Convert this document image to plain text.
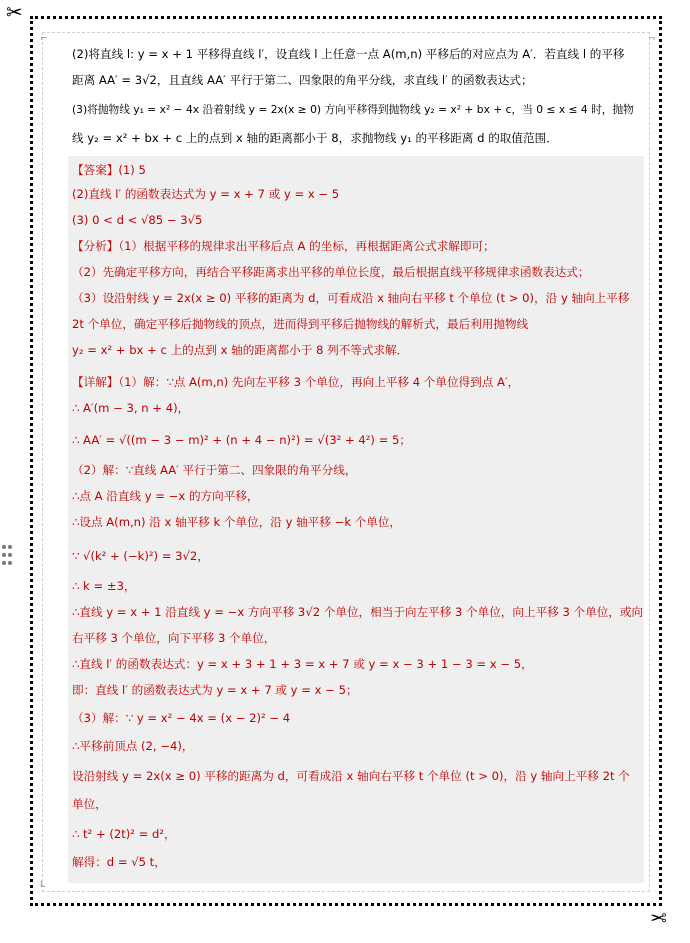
✂
✂
⌐	¬
L
(2)将直线 l: y = x + 1 平移得直线 l′，设直线 l 上任意一点 A(m,n) 平移后的对应点为 A′．若直线 l 的平移
距离 AA′ = 3√2，且直线 AA′ 平行于第二、四象限的角平分线，求直线 l′ 的函数表达式；
(3)将抛物线 y₁ = x² − 4x 沿着射线 y = 2x(x ≥ 0) 方向平移得到抛物线 y₂ = x² + bx + c，当 0 ≤ x ≤ 4 时，抛物
线 y₂ = x² + bx + c 上的点到 x 轴的距离都小于 8，求抛物线 y₁ 的平移距离 d 的取值范围．
【答案】(1) 5
(2)直线 l′ 的函数表达式为 y = x + 7 或 y = x − 5
(3) 0 < d < √85 − 3√5
【分析】（1）根据平移的规律求出平移后点 A 的坐标，再根据距离公式求解即可；
（2）先确定平移方向，再结合平移距离求出平移的单位长度，最后根据直线平移规律求函数表达式；
（3）设沿射线 y = 2x(x ≥ 0) 平移的距离为 d，可看成沿 x 轴向右平移 t 个单位 (t > 0)，沿 y 轴向上平移
2t 个单位，确定平移后抛物线的顶点，进而得到平移后抛物线的解析式，最后利用抛物线
y₂ = x² + bx + c 上的点到 x 轴的距离都小于 8 列不等式求解．
【详解】（1）解：∵点 A(m,n) 先向左平移 3 个单位，再向上平移 4 个单位得到点 A′，
∴ A′(m − 3, n + 4)，
∴ AA′ = √((m − 3 − m)² + (n + 4 − n)²) = √(3² + 4²) = 5；
（2）解：∵直线 AA′ 平行于第二、四象限的角平分线，
∴点 A 沿直线 y = −x 的方向平移，
∴设点 A(m,n) 沿 x 轴平移 k 个单位，沿 y 轴平移 −k 个单位，
∵ √(k² + (−k)²) = 3√2，
∴ k = ±3，
∴直线 y = x + 1 沿直线 y = −x 方向平移 3√2 个单位，相当于向左平移 3 个单位，向上平移 3 个单位，或向
右平移 3 个单位，向下平移 3 个单位，
∴直线 l′ 的函数表达式：y = x + 3 + 1 + 3 = x + 7 或 y = x − 3 + 1 − 3 = x − 5，
即：直线 l′ 的函数表达式为 y = x + 7 或 y = x − 5；
（3）解：∵ y = x² − 4x = (x − 2)² − 4
∴平移前顶点 (2, −4)，
设沿射线 y = 2x(x ≥ 0) 平移的距离为 d，可看成沿 x 轴向右平移 t 个单位 (t > 0)，沿 y 轴向上平移 2t 个
单位，
∴ t² + (2t)² = d²，
解得：d = √5 t，
